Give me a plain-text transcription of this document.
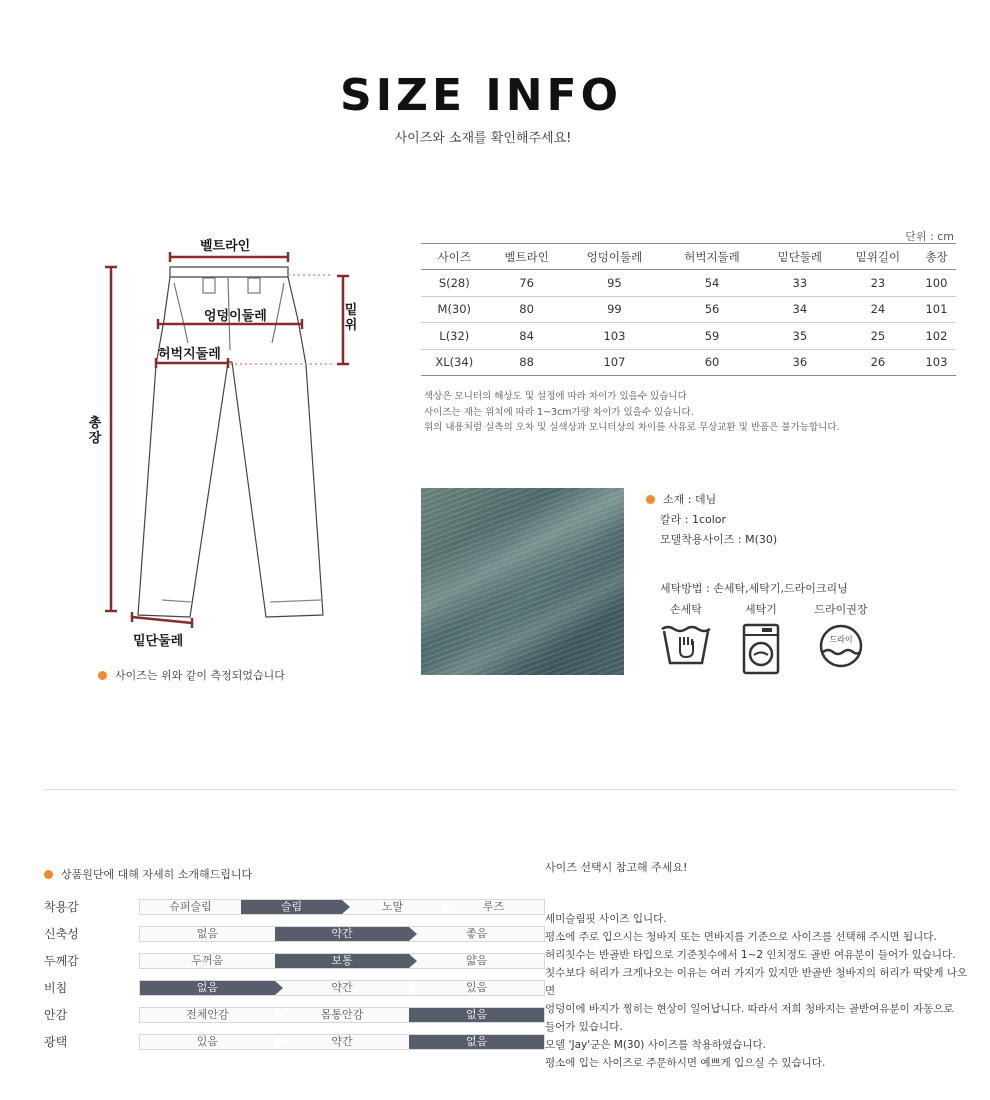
SIZE INFO
사이즈와 소재를 확인해주세요!
벨트라인
엉덩이둘레
허벅지둘레
밑단둘레
밑위
총장
사이즈는 위와 같이 측정되었습니다
단위 : cm
사이즈	벨트라인	엉덩이둘레	허벅지둘레	밑단둘레	밑위길이	총장
S(28)	76	95	54	33	23	100
M(30)	80	99	56	34	24	101
L(32)	84	103	59	35	25	102
XL(34)	88	107	60	36	26	103
색상은 모니터의 해상도 및 설정에 따라 차이가 있을수 있습니다
사이즈는 재는 위치에 따라 1~3cm가량 차이가 있을수 있습니다.
위의 내용처럼 실측의 오차 및 실색상과 모니터상의 차이를 사유로 무상교환 및 반품은 불가능합니다.
소재 : 데님
칼라 : 1color
모델착용사이즈 : M(30)
세탁방법 : 손세탁,세탁기,드라이크리닝
손세탁	세탁기	드라이권장
드라이
상품원단에 대해 자세히 소개해드립니다
착용감	슈퍼슬림	슬림	노말	루즈
신축성	없음	약간	좋음
두께감	두꺼움	보통	얇음
비침	없음	약간	있음
안감	전체안감	몸통안감	없음
광택	있음	약간	없음
사이즈 선택시 참고해 주세요!
세미슬림핏 사이즈 입니다.
평소에 주로 입으시는 청바지 또는 면바지를 기준으로 사이즈를 선택해 주시면 됩니다.
허리칫수는 반골반 타입으로 기준칫수에서 1~2 인치정도 골반 여유분이 들어가 있습니다.
칫수보다 허리가 크게나오는 이유는 여러 가지가 있지만 반골반 청바지의 허리가 딱맞게 나오면
엉덩이에 바지가 찡히는 현상이 일어납니다. 따라서 저희 청바지는 골반여유분이 자동으로
들어가 있습니다.
모델 'Jay'군은 M(30) 사이즈를 착용하였습니다.
평소에 입는 사이즈로 주문하시면 예쁘게 입으실 수 있습니다.
